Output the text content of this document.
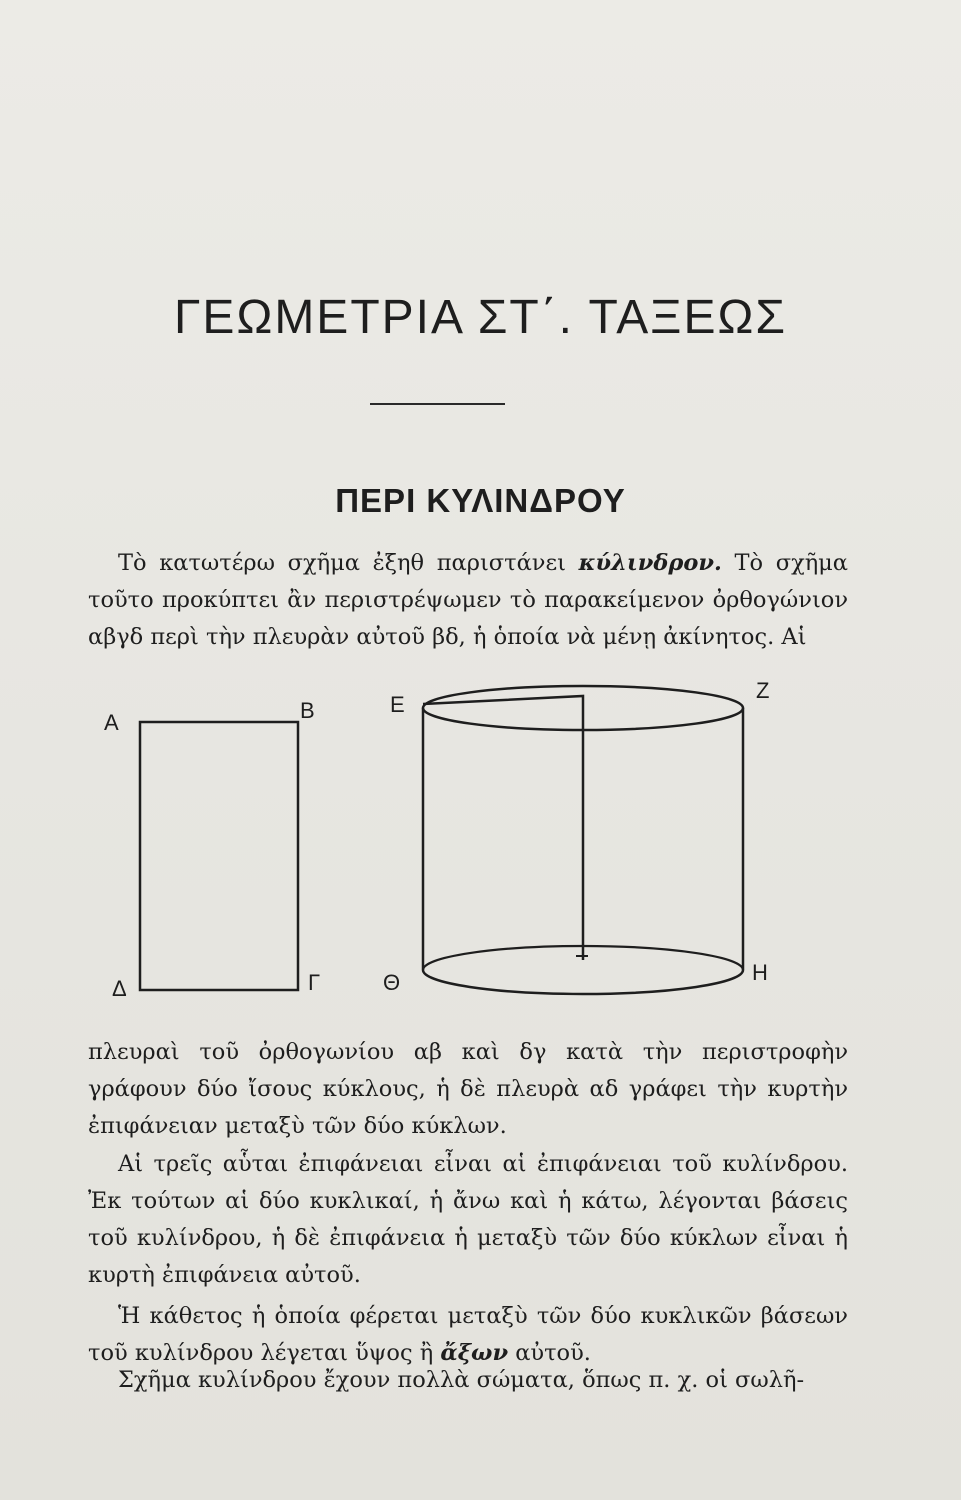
ΓΕΩΜΕΤΡΙΑ ΣΤ΄. ΤΑΞΕΩΣ
ΠΕΡΙ ΚΥΛΙΝΔΡΟΥ

Τὸ κατωτέρω σχῆμα ἐξηθ παριστάνει κύλινδρον. Τὸ σχῆμα τοῦτο προκύπτει ἂν περιστρέψωμεν τὸ παρακείμενον ὀρθογώνιον αβγδ περὶ τὴν πλευρὰν αὐτοῦ βδ, ἡ ὁποία νὰ μένῃ ἀκίνητος. Αἱ

Α	Β
Γ
Δ
Ε
Ζ
Η
Θ

πλευραὶ τοῦ ὀρθογωνίου αβ καὶ δγ κατὰ τὴν περιστροφὴν γράφουν δύο ἴσους κύκλους, ἡ δὲ πλευρὰ αδ γράφει τὴν κυρτὴν ἐπιφάνειαν μεταξὺ τῶν δύο κύκλων.

Αἱ τρεῖς αὗται ἐπιφάνειαι εἶναι αἱ ἐπιφάνειαι τοῦ κυλίνδρου. Ἐκ τούτων αἱ δύο κυκλικαί, ἡ ἄνω καὶ ἡ κάτω, λέγονται βάσεις τοῦ κυλίνδρου, ἡ δὲ ἐπιφάνεια ἡ μεταξὺ τῶν δύο κύκλων εἶναι ἡ κυρτὴ ἐπιφάνεια αὐτοῦ.

Ἡ κάθετος ἡ ὁποία φέρεται μεταξὺ τῶν δύο κυκλικῶν βάσεων τοῦ κυλίνδρου λέγεται ὕψος ἢ ἄξων αὐτοῦ.

Σχῆμα κυλίνδρου ἔχουν πολλὰ σώματα, ὅπως π. χ. οἱ σωλῆ-
